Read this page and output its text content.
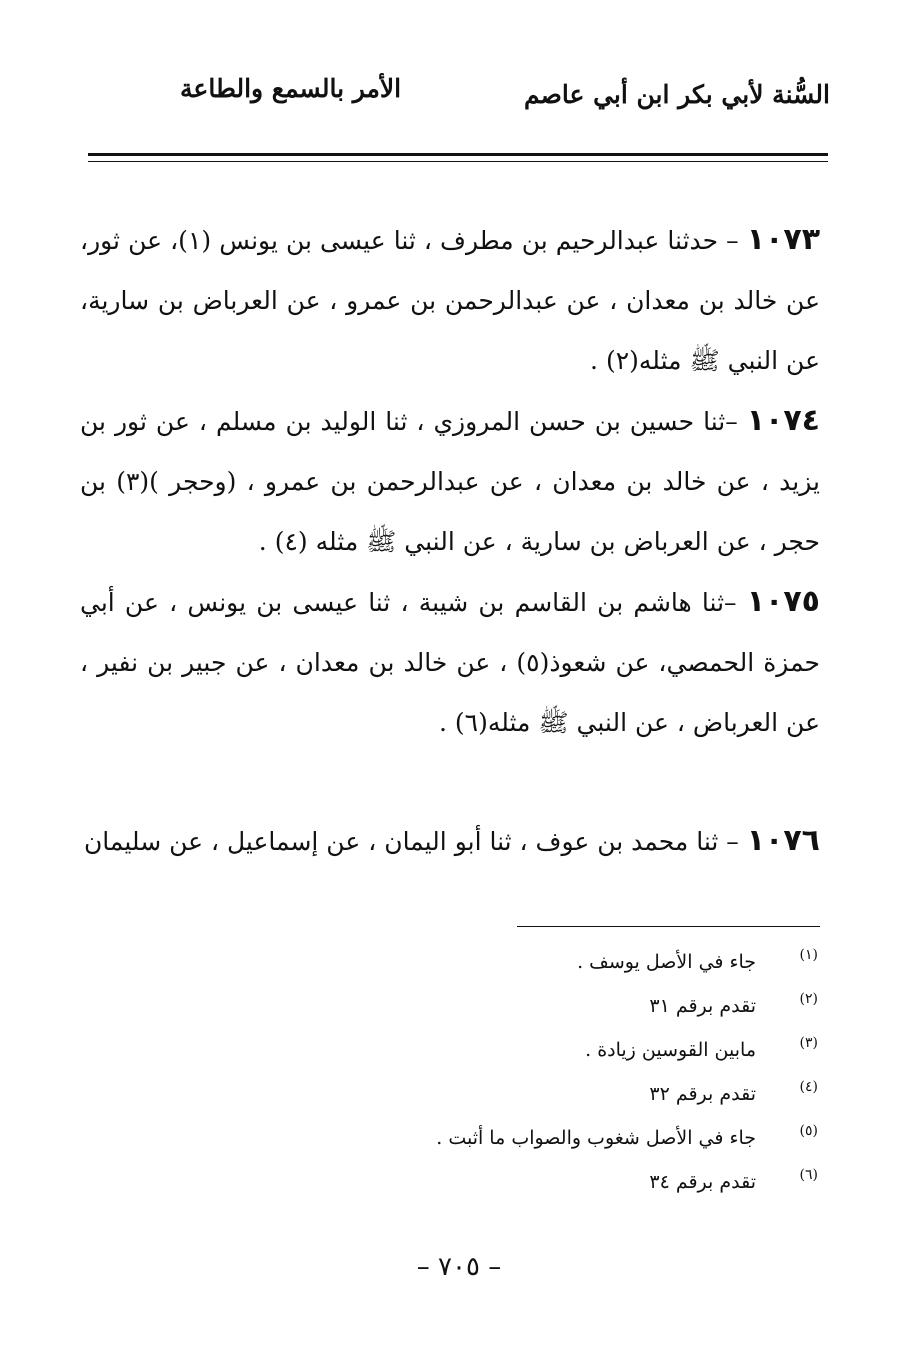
السُّنة لأبي بكر ابن أبي عاصم
الأمر بالسمع والطاعة

١٠٧٣ – حدثنا عبدالرحيم بن مطرف ، ثنا عيسى بن يونس (١)، عن ثور، عن خالد بن معدان ، عن عبدالرحمن بن عمرو ، عن العرباض بن سارية، عن النبي ﷺ مثله(٢) .

١٠٧٤ –ثنا حسين بن حسن المروزي ، ثنا الوليد بن مسلم ، عن ثور بن يزيد ، عن خالد بن معدان ، عن عبدالرحمن بن عمرو ، (وحجر )(٣) بن حجر ، عن العرباض بن سارية ، عن النبي ﷺ مثله (٤) .

١٠٧٥ –ثنا هاشم بن القاسم بن شيبة ، ثنا عيسى بن يونس ، عن أبي حمزة الحمصي، عن شعوذ(٥) ، عن خالد بن معدان ، عن جبير بن نفير ، عن العرباض ، عن النبي ﷺ مثله(٦) .

١٠٧٦ – ثنا محمد بن عوف ، ثنا أبو اليمان ، عن إسماعيل ، عن سليمان

(١)جاء في الأصل يوسف .
(٢)تقدم برقم ٣١
(٣)مابين القوسين زيادة .
(٤)تقدم برقم ٣٢
(٥)جاء في الأصل شغوب والصواب ما أثبت .
(٦)تقدم برقم ٣٤
– ٧٠٥ –
